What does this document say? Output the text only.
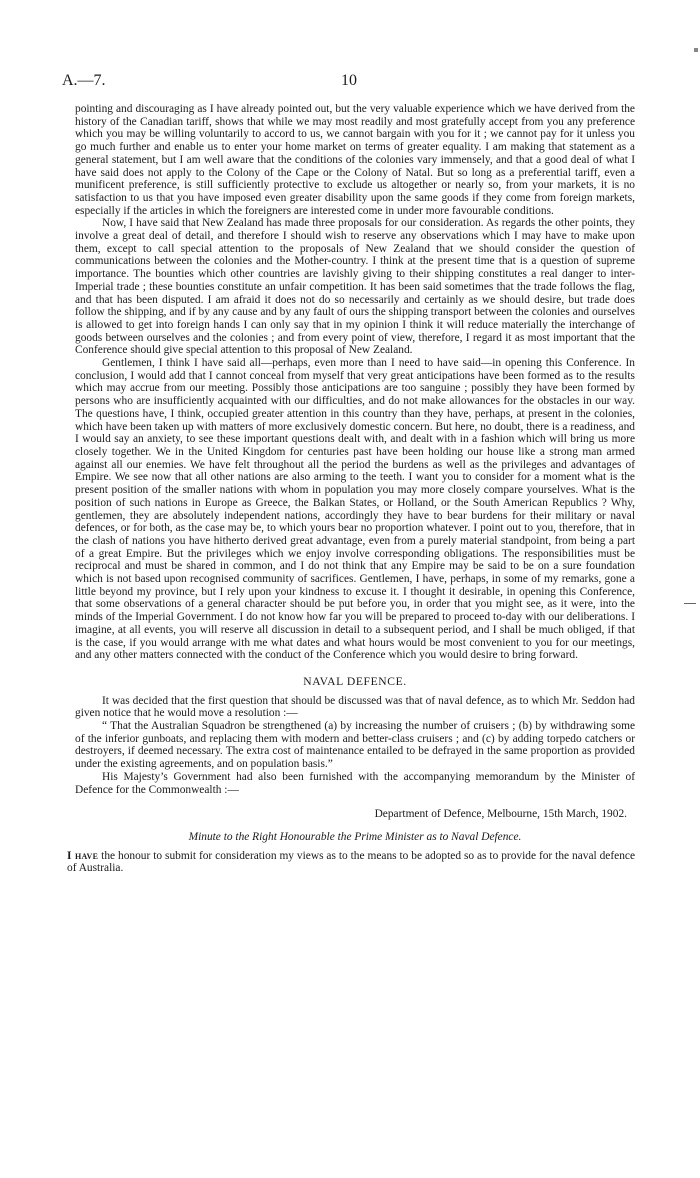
A.—7.	10

pointing and discouraging as I have already pointed out, but the very valuable experience which we have derived from the history of the Canadian tariff, shows that while we may most readily and most gratefully accept from you any preference which you may be willing voluntarily to accord to us, we cannot bargain with you for it ; we cannot pay for it unless you go much further and enable us to enter your home market on terms of greater equality. I am making that statement as a general statement, but I am well aware that the conditions of the colonies vary immensely, and that a good deal of what I have said does not apply to the Colony of the Cape or the Colony of Natal. But so long as a preferential tariff, even a munificent preference, is still sufficiently protective to exclude us altogether or nearly so, from your markets, it is no satisfaction to us that you have imposed even greater disability upon the same goods if they come from foreign markets, especially if the articles in which the foreigners are interested come in under more favourable conditions.

Now, I have said that New Zealand has made three proposals for our consideration. As regards the other points, they involve a great deal of detail, and therefore I should wish to reserve any observations which I may have to make upon them, except to call special attention to the proposals of New Zealand that we should consider the question of communications between the colonies and the Mother-country. I think at the present time that is a question of supreme importance. The bounties which other countries are lavishly giving to their shipping constitutes a real danger to inter-Imperial trade ; these bounties constitute an unfair competition. It has been said sometimes that the trade follows the flag, and that has been disputed. I am afraid it does not do so necessarily and certainly as we should desire, but trade does follow the shipping, and if by any cause and by any fault of ours the shipping transport between the colonies and ourselves is allowed to get into foreign hands I can only say that in my opinion I think it will reduce materially the interchange of goods between ourselves and the colonies ; and from every point of view, therefore, I regard it as most important that the Conference should give special attention to this proposal of New Zealand.

Gentlemen, I think I have said all—perhaps, even more than I need to have said—in opening this Conference. In conclusion, I would add that I cannot conceal from myself that very great anticipations have been formed as to the results which may accrue from our meeting. Possibly those anticipations are too sanguine ; possibly they have been formed by persons who are insufficiently acquainted with our difficulties, and do not make allowances for the obstacles in our way. The questions have, I think, occupied greater attention in this country than they have, perhaps, at present in the colonies, which have been taken up with matters of more exclusively domestic concern. But here, no doubt, there is a readiness, and I would say an anxiety, to see these important questions dealt with, and dealt with in a fashion which will bring us more closely together. We in the United Kingdom for centuries past have been holding our house like a strong man armed against all our enemies. We have felt throughout all the period the burdens as well as the privileges and advantages of Empire. We see now that all other nations are also arming to the teeth. I want you to consider for a moment what is the present position of the smaller nations with whom in population you may more closely compare yourselves. What is the position of such nations in Europe as Greece, the Balkan States, or Holland, or the South American Republics ? Why, gentlemen, they are absolutely independent nations, accordingly they have to bear burdens for their military or naval defences, or for both, as the case may be, to which yours bear no proportion whatever. I point out to you, therefore, that in the clash of nations you have hitherto derived great advantage, even from a purely material standpoint, from being a part of a great Empire. But the privileges which we enjoy involve corresponding obligations. The responsibilities must be reciprocal and must be shared in common, and I do not think that any Empire may be said to be on a sure foundation which is not based upon recognised community of sacrifices. Gentlemen, I have, perhaps, in some of my remarks, gone a little beyond my province, but I rely upon your kindness to excuse it. I thought it desirable, in opening this Conference, that some observations of a general character should be put before you, in order that you might see, as it were, into the minds of the Imperial Government. I do not know how far you will be prepared to proceed to-day with our deliberations. I imagine, at all events, you will reserve all discussion in detail to a subsequent period, and I shall be much obliged, if that is the case, if you would arrange with me what dates and what hours would be most convenient to you for our meetings, and any other matters connected with the conduct of the Conference which you would desire to bring forward.

NAVAL DEFENCE.

It was decided that the first question that should be discussed was that of naval defence, as to which Mr. Seddon had given notice that he would move a resolution :—

“ That the Australian Squadron be strengthened (a) by increasing the number of cruisers ; (b) by withdrawing some of the inferior gunboats, and replacing them with modern and better-class cruisers ; and (c) by adding torpedo catchers or destroyers, if deemed necessary. The extra cost of maintenance entailed to be defrayed in the same proportion as provided under the existing agreements, and on population basis.”

His Majesty’s Government had also been furnished with the accompanying memorandum by the Minister of Defence for the Commonwealth :—

Department of Defence, Melbourne, 15th March, 1902.

Minute to the Right Honourable the Prime Minister as to Naval Defence.

I have the honour to submit for consideration my views as to the means to be adopted so as to provide for the naval defence of Australia.
